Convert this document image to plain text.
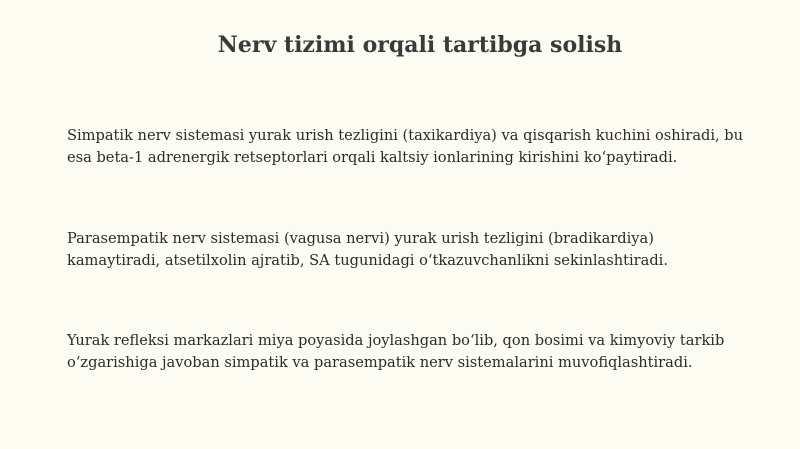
Nerv tizimi orqali tartibga solish

Simpatik nerv sistemasi yurak urish tezligini (taxikardiya) va qisqarish kuchini oshiradi, bu esa beta-1 adrenergik retseptorlari orqali kaltsiy ionlarining kirishini koʻpaytiradi.

Parasempatik nerv sistemasi (vagusa nervi) yurak urish tezligini (bradikardiya) kamaytiradi, atsetilxolin ajratib, SA tugunidagi oʻtkazuvchanlikni sekinlashtiradi.

Yurak refleksi markazlari miya poyasida joylashgan boʻlib, qon bosimi va kimyoviy tarkib oʻzgarishiga javoban simpatik va parasempatik nerv sistemalarini muvofiqlashtiradi.
